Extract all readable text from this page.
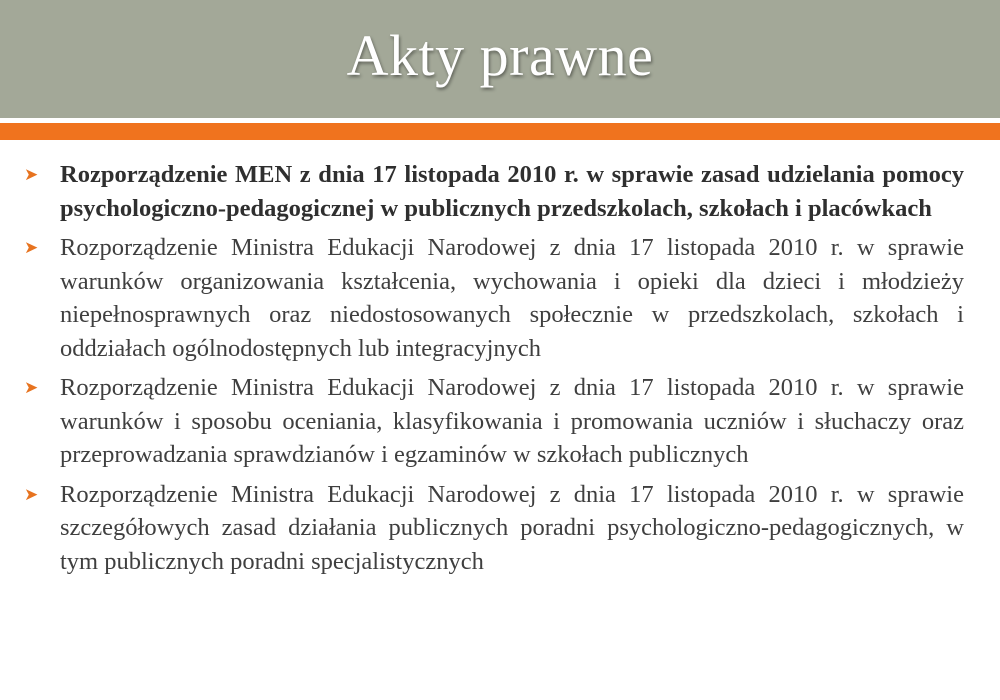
Akty prawne
➤ Rozporządzenie MEN z dnia 17 listopada 2010 r. w sprawie zasad udzielania pomocy psychologiczno-pedagogicznej w publicznych przedszkolach, szkołach i placówkach
➤ Rozporządzenie Ministra Edukacji Narodowej z dnia 17 listopada 2010 r. w sprawie warunków organizowania kształcenia, wychowania i opieki dla dzieci i młodzieży niepełnosprawnych oraz niedostosowanych społecznie w przedszkolach, szkołach i oddziałach ogólnodostępnych lub integracyjnych
➤ Rozporządzenie Ministra Edukacji Narodowej z dnia 17 listopada 2010 r. w sprawie warunków i sposobu oceniania, klasyfikowania i promowania uczniów i słuchaczy oraz przeprowadzania sprawdzianów i egzaminów w szkołach publicznych
➤ Rozporządzenie Ministra Edukacji Narodowej z dnia 17 listopada 2010 r. w sprawie szczegółowych zasad działania publicznych poradni psychologiczno-pedagogicznych, w tym publicznych poradni specjalistycznych
